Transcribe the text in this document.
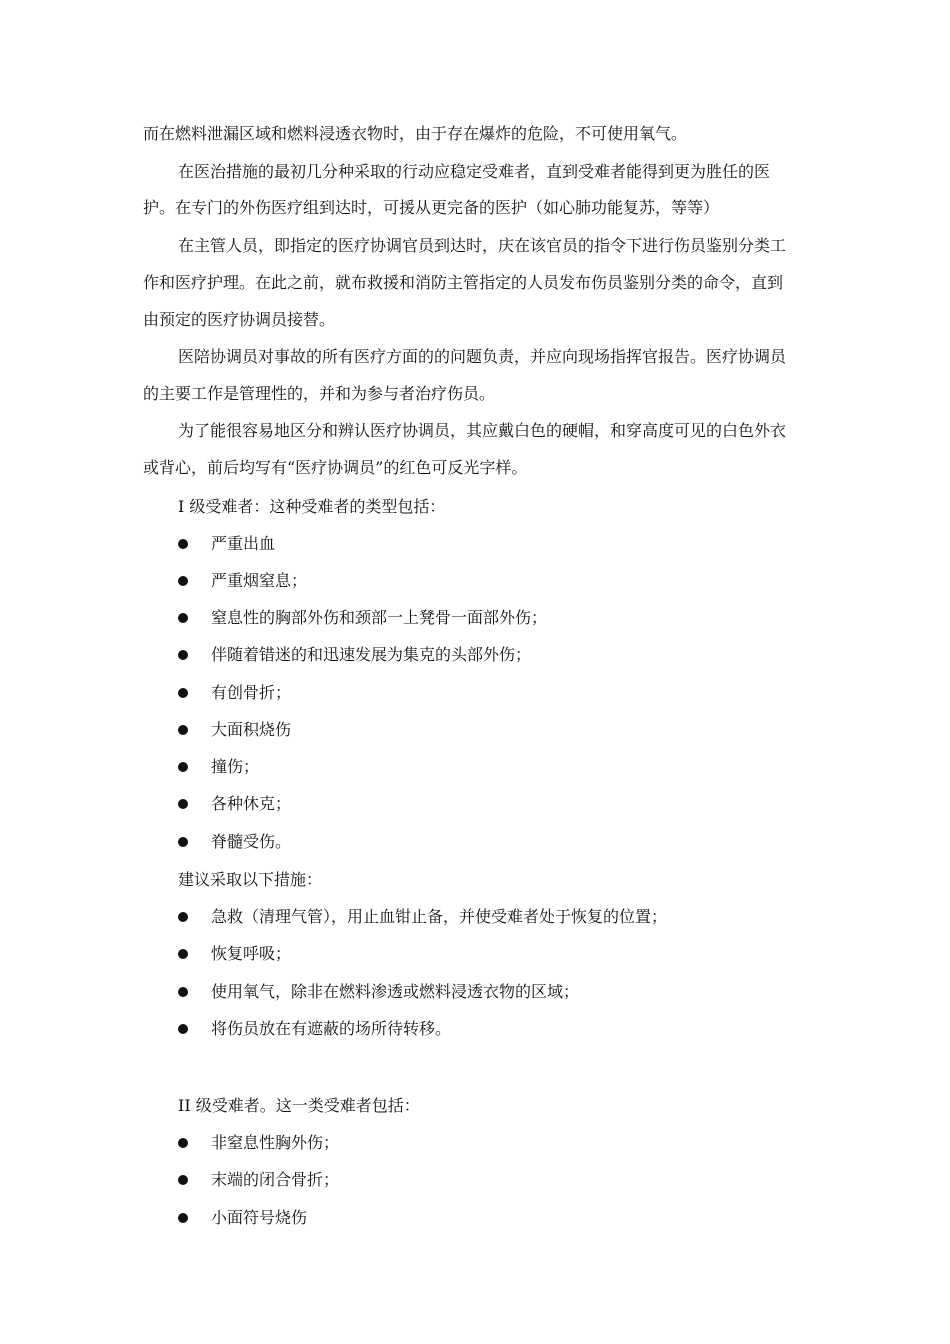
而在燃料泄漏区域和燃料浸透衣物时，由于存在爆炸的危险，不可使用氧气。
在医治措施的最初几分种采取的行动应稳定受难者，直到受难者能得到更为胜任的医
护。在专门的外伤医疗组到达时，可援从更完备的医护（如心肺功能复苏，等等）
在主管人员，即指定的医疗协调官员到达时，庆在该官员的指令下进行伤员鉴别分类工
作和医疗护理。在此之前，就布救援和消防主管指定的人员发布伤员鉴别分类的命令，直到
由预定的医疗协调员接替。
医陪协调员对事故的所有医疗方面的的问题负责，并应向现场指挥官报告。医疗协调员
的主要工作是管理性的，并和为参与者治疗伤员。
为了能很容易地区分和辨认医疗协调员，其应戴白色的硬帽，和穿高度可见的白色外衣
或背心，前后均写有“医疗协调员”的红色可反光字样。
I 级受难者：这种受难者的类型包括：
严重出血
严重烟窒息；
窒息性的胸部外伤和颈部一上凳骨一面部外伤；
伴随着错迷的和迅速发展为集克的头部外伤；
有创骨折；
大面积烧伤
撞伤；
各种休克；
脊髓受伤。
建议采取以下措施：
急救（清理气管），用止血钳止备，并使受难者处于恢复的位置；
恢复呼吸；
使用氧气，除非在燃料渗透或燃料浸透衣物的区域；
将伤员放在有遮蔽的场所待转移。
II 级受难者。这一类受难者包括：
非窒息性胸外伤；
末端的闭合骨折；
小面符号烧伤
